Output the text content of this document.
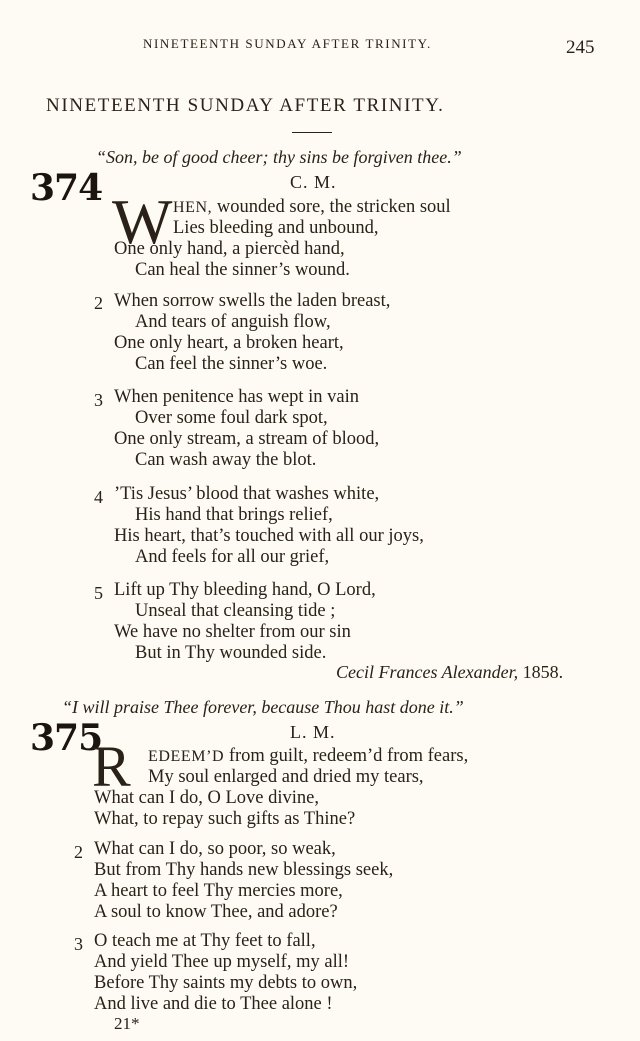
NINETEENTH SUNDAY AFTER TRINITY.	245
NINETEENTH SUNDAY AFTER TRINITY.
“Son, be of good cheer; thy sins be forgiven thee.”
374	C. M.
W HEN, wounded sore, the stricken soul
Lies bleeding and unbound,
One only hand, a piercèd hand,
Can heal the sinner’s wound.
2 When sorrow swells the laden breast,
And tears of anguish flow,
One only heart, a broken heart,
Can feel the sinner’s woe.
3 When penitence has wept in vain
Over some foul dark spot,
One only stream, a stream of blood,
Can wash away the blot.
4 ’Tis Jesus’ blood that washes white,
His hand that brings relief,
His heart, that’s touched with all our joys,
And feels for all our grief,
5 Lift up Thy bleeding hand, O Lord,
Unseal that cleansing tide ;
We have no shelter from our sin
But in Thy wounded side.
Cecil Frances Alexander, 1858.
“I will praise Thee forever, because Thou hast done it.”
375	L. M.
R EDEEM’D from guilt, redeem’d from fears,
My soul enlarged and dried my tears,
What can I do, O Love divine,
What, to repay such gifts as Thine?
2 What can I do, so poor, so weak,
But from Thy hands new blessings seek,
A heart to feel Thy mercies more,
A soul to know Thee, and adore?
3 O teach me at Thy feet to fall,
And yield Thee up myself, my all!
Before Thy saints my debts to own,
And live and die to Thee alone !
21*
